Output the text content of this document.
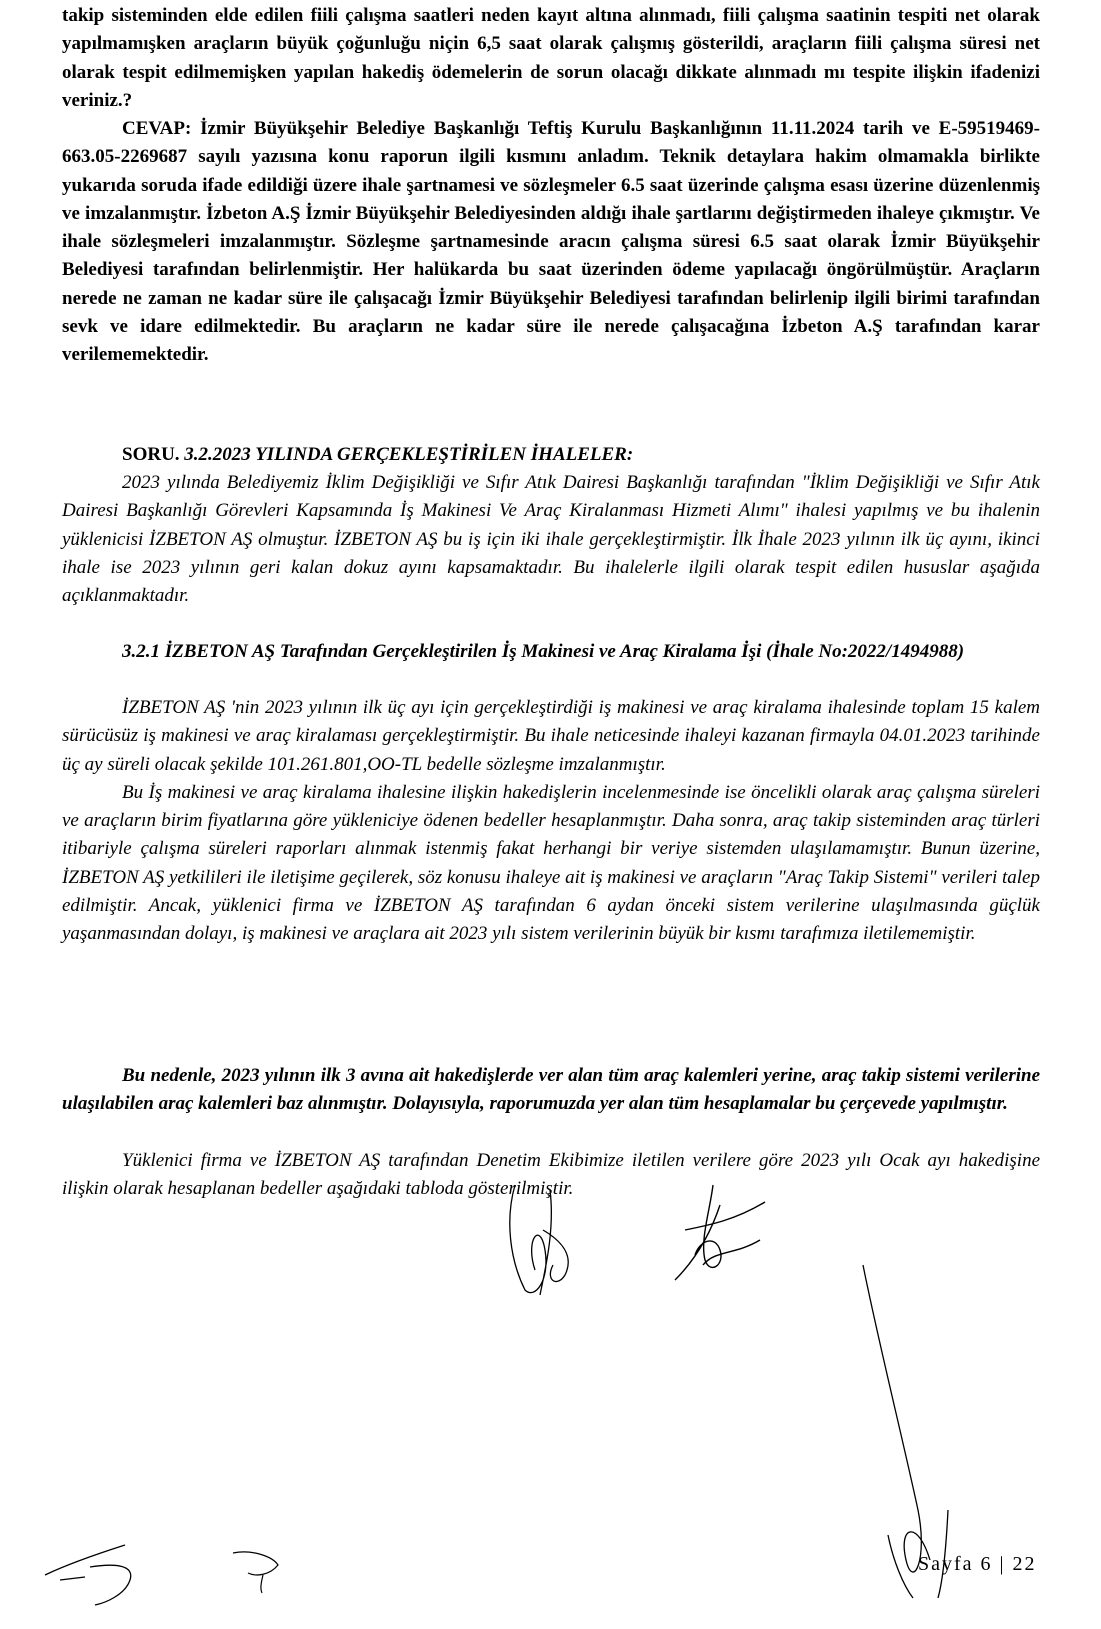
takip sisteminden elde edilen fiili çalışma saatleri neden kayıt altına alınmadı, fiili çalışma saatinin tespiti net olarak yapılmamışken araçların büyük çoğunluğu niçin 6,5 saat olarak çalışmış gösterildi, araçların fiili çalışma süresi net olarak tespit edilmemişken yapılan hakediş ödemelerin de sorun olacağı dikkate alınmadı mı tespite ilişkin ifadenizi veriniz.?

CEVAP: İzmir Büyükşehir Belediye Başkanlığı Teftiş Kurulu Başkanlığının 11.11.2024 tarih ve E-59519469-663.05-2269687 sayılı yazısına konu raporun ilgili kısmını anladım. Teknik detaylara hakim olmamakla birlikte yukarıda soruda ifade edildiği üzere ihale şartnamesi ve sözleşmeler 6.5 saat üzerinde çalışma esası üzerine düzenlenmiş ve imzalanmıştır. İzbeton A.Ş İzmir Büyükşehir Belediyesinden aldığı ihale şartlarını değiştirmeden ihaleye çıkmıştır. Ve ihale sözleşmeleri imzalanmıştır. Sözleşme şartnamesinde aracın çalışma süresi 6.5 saat olarak İzmir Büyükşehir Belediyesi tarafından belirlenmiştir. Her halükarda bu saat üzerinden ödeme yapılacağı öngörülmüştür. Araçların nerede ne zaman ne kadar süre ile çalışacağı İzmir Büyükşehir Belediyesi tarafından belirlenip ilgili birimi tarafından sevk ve idare edilmektedir. Bu araçların ne kadar süre ile nerede çalışacağına İzbeton A.Ş tarafından karar verilememektedir.

SORU. 3.2.2023 YILINDA GERÇEKLEŞTİRİLEN İHALELER:

2023 yılında Belediyemiz İklim Değişikliği ve Sıfır Atık Dairesi Başkanlığı tarafından "İklim Değişikliği ve Sıfır Atık Dairesi Başkanlığı Görevleri Kapsamında İş Makinesi Ve Araç Kiralanması Hizmeti Alımı" ihalesi yapılmış ve bu ihalenin yüklenicisi İZBETON AŞ olmuştur. İZBETON AŞ bu iş için iki ihale gerçekleştirmiştir. İlk İhale 2023 yılının ilk üç ayını, ikinci ihale ise 2023 yılının geri kalan dokuz ayını kapsamaktadır. Bu ihalelerle ilgili olarak tespit edilen hususlar aşağıda açıklanmaktadır.

3.2.1 İZBETON AŞ Tarafından Gerçekleştirilen İş Makinesi ve Araç Kiralama İşi (İhale No:2022/1494988)

İZBETON AŞ 'nin 2023 yılının ilk üç ayı için gerçekleştirdiği iş makinesi ve araç kiralama ihalesinde toplam 15 kalem sürücüsüz iş makinesi ve araç kiralaması gerçekleştirmiştir. Bu ihale neticesinde ihaleyi kazanan firmayla 04.01.2023 tarihinde üç ay süreli olacak şekilde 101.261.801,OO-TL bedelle sözleşme imzalanmıştır.

Bu İş makinesi ve araç kiralama ihalesine ilişkin hakedişlerin incelenmesinde ise öncelikli olarak araç çalışma süreleri ve araçların birim fiyatlarına göre yükleniciye ödenen bedeller hesaplanmıştır. Daha sonra, araç takip sisteminden araç türleri itibariyle çalışma süreleri raporları alınmak istenmiş fakat herhangi bir veriye sistemden ulaşılamamıştır. Bunun üzerine, İZBETON AŞ yetkilileri ile iletişime geçilerek, söz konusu ihaleye ait iş makinesi ve araçların "Araç Takip Sistemi" verileri talep edilmiştir. Ancak, yüklenici firma ve İZBETON AŞ tarafından 6 aydan önceki sistem verilerine ulaşılmasında güçlük yaşanmasından dolayı, iş makinesi ve araçlara ait 2023 yılı sistem verilerinin büyük bir kısmı tarafımıza iletilememiştir.

Bu nedenle, 2023 yılının ilk 3 avına ait hakedişlerde ver alan tüm araç kalemleri yerine, araç takip sistemi verilerine ulaşılabilen araç kalemleri baz alınmıştır. Dolayısıyla, raporumuzda yer alan tüm hesaplamalar bu çerçevede yapılmıştır.

Yüklenici firma ve İZBETON AŞ tarafından Denetim Ekibimize iletilen verilere göre 2023 yılı Ocak ayı hakedişine ilişkin olarak hesaplanan bedeller aşağıdaki tabloda gösterilmiştir.

Sayfa 6 | 22
